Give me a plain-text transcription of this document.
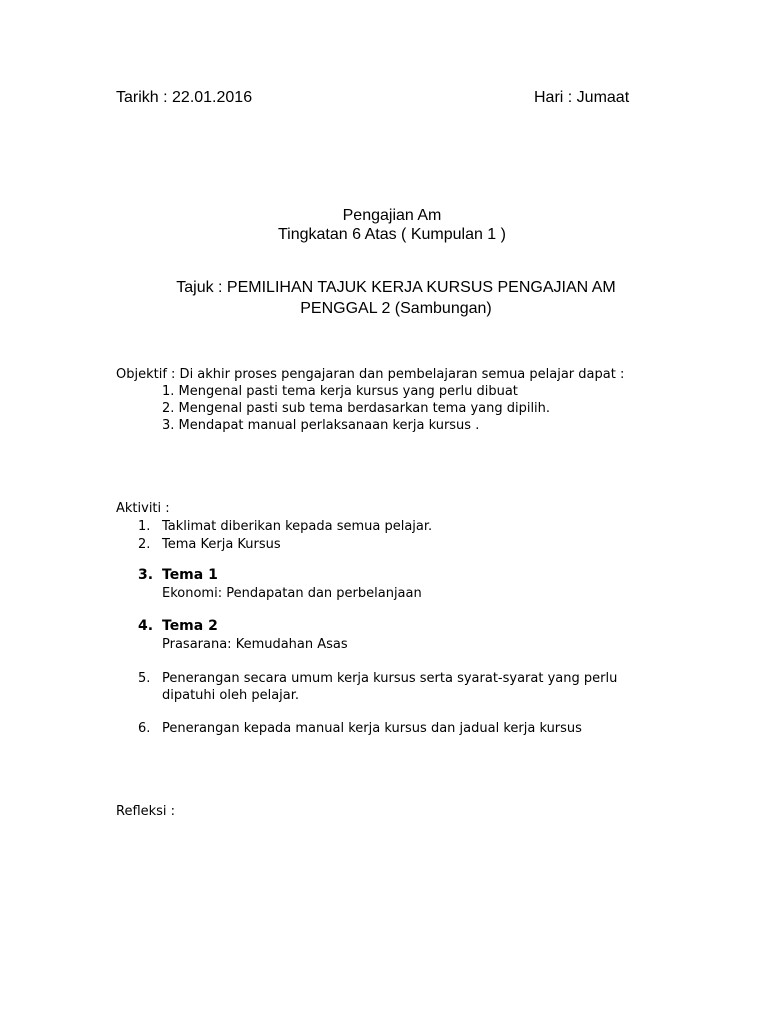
Tarikh : 22.01.2016	Hari : Jumaat
Pengajian Am
Tingkatan 6 Atas ( Kumpulan 1 )
Tajuk : PEMILIHAN TAJUK KERJA KURSUS PENGAJIAN AM
PENGGAL 2 (Sambungan)
Objektif : Di akhir proses pengajaran dan pembelajaran semua pelajar dapat :
1. Mengenal pasti tema kerja kursus yang perlu dibuat
2. Mengenal pasti sub tema berdasarkan tema yang dipilih.
3. Mendapat manual perlaksanaan kerja kursus .
Aktiviti :
1. Taklimat diberikan kepada semua pelajar.
2. Tema Kerja Kursus
3. Tema 1
Ekonomi: Pendapatan dan perbelanjaan
4. Tema 2
Prasarana: Kemudahan Asas
5. Penerangan secara umum kerja kursus serta syarat-syarat yang perlu
dipatuhi oleh pelajar.
6. Penerangan kepada manual kerja kursus dan jadual kerja kursus
Refleksi :
